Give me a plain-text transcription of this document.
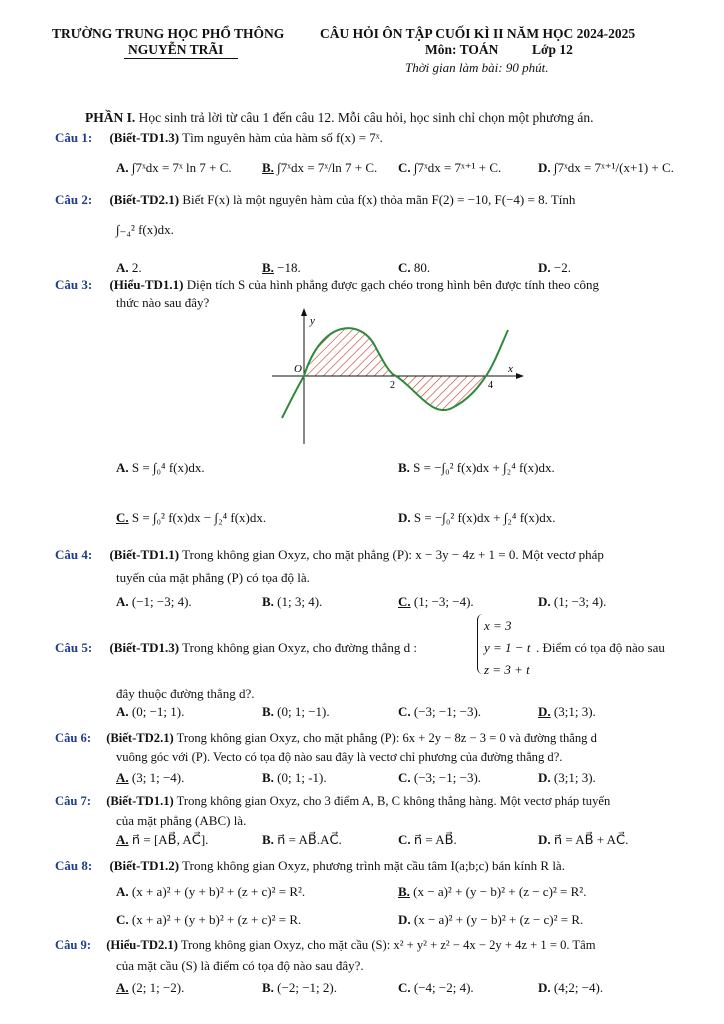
TRƯỜNG TRUNG HỌC PHỔ THÔNG
NGUYỄN TRÃI
CÂU HỎI ÔN TẬP CUỐI KÌ II NĂM HỌC 2024-2025
Môn: TOÁN Lớp 12
Thời gian làm bài: 90 phút.
PHẦN I. Học sinh trả lời từ câu 1 đến câu 12. Mỗi câu hỏi, học sinh chỉ chọn một phương án.
Câu 1: (Biết-TD1.3) Tìm nguyên hàm của hàm số f(x) = 7ˣ.
A. ∫7ˣdx = 7ˣ ln 7 + C. B. ∫7ˣdx = 7ˣ/ln 7 + C. C. ∫7ˣdx = 7ˣ⁺¹ + C.	D. ∫7ˣdx = 7ˣ⁺¹/(x+1) + C.
Câu 2: (Biết-TD2.1) Biết F(x) là một nguyên hàm của f(x) thỏa mãn F(2) = −10, F(−4) = 8. Tính
∫₋₄² f(x)dx.
A. 2.	B. −18.	C. 80.	D. −2.
Câu 3: (Hiểu-TD1.1) Diện tích S của hình phẳng được gạch chéo trong hình bên được tính theo công
thức nào sau đây?
y
x
O
2	4
A. S = ∫₀⁴ f(x)dx.	B. S = −∫₀² f(x)dx + ∫₂⁴ f(x)dx.
C. S = ∫₀² f(x)dx − ∫₂⁴ f(x)dx.	D. S = −∫₀² f(x)dx + ∫₂⁴ f(x)dx.
Câu 4: (Biết-TD1.1) Trong không gian Oxyz, cho mặt phẳng (P): x − 3y − 4z + 1 = 0. Một vectơ pháp
tuyến của mặt phẳng (P) có tọa độ là.
A. (−1; −3; 4).	B. (1; 3; 4).	C. (1; −3; −4).	D. (1; −3; 4).
Câu 5: (Biết-TD1.3) Trong không gian Oxyz, cho đường thẳng d :
x = 3
y = 1 − t
z = 3 + t
. Điểm có tọa độ nào sau
đây thuộc đường thẳng d?.
A. (0; −1; 1).	B. (0; 1; −1).	C. (−3; −1; −3).	D. (3;1; 3).
Câu 6: (Biết-TD2.1) Trong không gian Oxyz, cho mặt phẳng (P): 6x + 2y − 8z − 3 = 0 và đường thẳng d
vuông góc với (P). Vecto có tọa độ nào sau đây là vectơ chỉ phương của đường thẳng d?.
A. (3; 1; −4).	B. (0; 1; -1).	C. (−3; −1; −3).	D. (3;1; 3).
Câu 7: (Biết-TD1.1) Trong không gian Oxyz, cho 3 điểm A, B, C không thẳng hàng. Một vectơ pháp tuyến
của mặt phẳng (ABC) là.
A. n⃗ = [AB⃗, AC⃗].	B. n⃗ = AB⃗.AC⃗.	C. n⃗ = AB⃗.	D. n⃗ = AB⃗ + AC⃗.
Câu 8: (Biết-TD1.2) Trong không gian Oxyz, phương trình mặt cầu tâm I(a;b;c) bán kính R là.
A. (x + a)² + (y + b)² + (z + c)² = R².	B. (x − a)² + (y − b)² + (z − c)² = R².
C. (x + a)² + (y + b)² + (z + c)² = R.	D. (x − a)² + (y − b)² + (z − c)² = R.
Câu 9: (Hiểu-TD2.1) Trong không gian Oxyz, cho mặt cầu (S): x² + y² + z² − 4x − 2y + 4z + 1 = 0. Tâm
của mặt cầu (S) là điểm có tọa độ nào sau đây?.
A. (2; 1; −2).	B. (−2; −1; 2).	C. (−4; −2; 4).	D. (4;2; −4).
